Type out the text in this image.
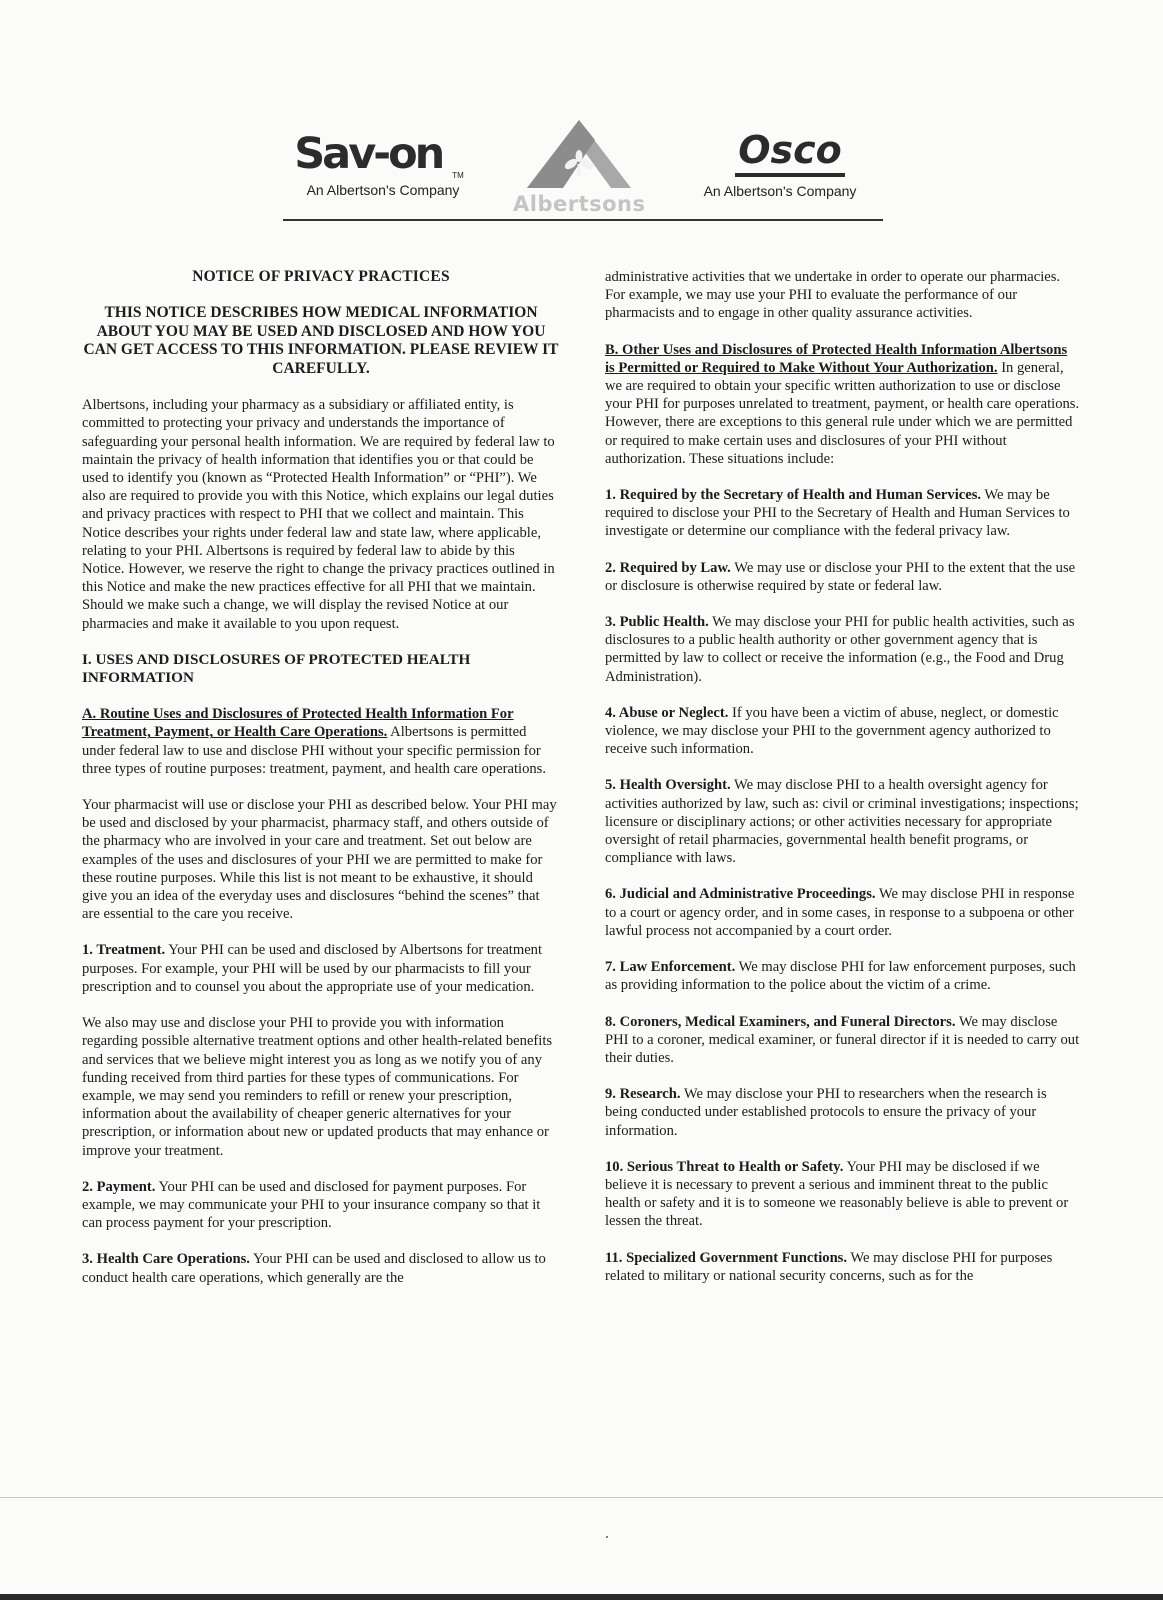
Sav-on TM
An Albertson's Company
Albertsons
Osco
An Albertson's Company

NOTICE OF PRIVACY PRACTICES

THIS NOTICE DESCRIBES HOW MEDICAL INFORMATION ABOUT YOU MAY BE USED AND DISCLOSED AND HOW YOU CAN GET ACCESS TO THIS INFORMATION. PLEASE REVIEW IT CAREFULLY.

Albertsons, including your pharmacy as a subsidiary or affiliated entity, is committed to protecting your privacy and understands the importance of safeguarding your personal health information. We are required by federal law to maintain the privacy of health information that identifies you or that could be used to identify you (known as “Protected Health Information” or “PHI”). We also are required to provide you with this Notice, which explains our legal duties and privacy practices with respect to PHI that we collect and maintain. This Notice describes your rights under federal law and state law, where applicable, relating to your PHI. Albertsons is required by federal law to abide by this Notice. However, we reserve the right to change the privacy practices outlined in this Notice and make the new practices effective for all PHI that we maintain. Should we make such a change, we will display the revised Notice at our pharmacies and make it available to you upon request.

I. USES AND DISCLOSURES OF PROTECTED HEALTH INFORMATION

A. Routine Uses and Disclosures of Protected Health Information For Treatment, Payment, or Health Care Operations. Albertsons is permitted under federal law to use and disclose PHI without your specific permission for three types of routine purposes: treatment, payment, and health care operations.

Your pharmacist will use or disclose your PHI as described below. Your PHI may be used and disclosed by your pharmacist, pharmacy staff, and others outside of the pharmacy who are involved in your care and treatment. Set out below are examples of the uses and disclosures of your PHI we are permitted to make for these routine purposes. While this list is not meant to be exhaustive, it should give you an idea of the everyday uses and disclosures “behind the scenes” that are essential to the care you receive.

1. Treatment. Your PHI can be used and disclosed by Albertsons for treatment purposes. For example, your PHI will be used by our pharmacists to fill your prescription and to counsel you about the appropriate use of your medication.

We also may use and disclose your PHI to provide you with information regarding possible alternative treatment options and other health-related benefits and services that we believe might interest you as long as we notify you of any funding received from third parties for these types of communications. For example, we may send you reminders to refill or renew your prescription, information about the availability of cheaper generic alternatives for your prescription, or information about new or updated products that may enhance or improve your treatment.

2. Payment. Your PHI can be used and disclosed for payment purposes. For example, we may communicate your PHI to your insurance company so that it can process payment for your prescription.

3. Health Care Operations. Your PHI can be used and disclosed to allow us to conduct health care operations, which generally are the

administrative activities that we undertake in order to operate our pharmacies. For example, we may use your PHI to evaluate the performance of our pharmacists and to engage in other quality assurance activities.

B. Other Uses and Disclosures of Protected Health Information Albertsons is Permitted or Required to Make Without Your Authorization. In general, we are required to obtain your specific written authorization to use or disclose your PHI for purposes unrelated to treatment, payment, or health care operations. However, there are exceptions to this general rule under which we are permitted or required to make certain uses and disclosures of your PHI without authorization. These situations include:

1. Required by the Secretary of Health and Human Services. We may be required to disclose your PHI to the Secretary of Health and Human Services to investigate or determine our compliance with the federal privacy law.

2. Required by Law. We may use or disclose your PHI to the extent that the use or disclosure is otherwise required by state or federal law.

3. Public Health. We may disclose your PHI for public health activities, such as disclosures to a public health authority or other government agency that is permitted by law to collect or receive the information (e.g., the Food and Drug Administration).

4. Abuse or Neglect. If you have been a victim of abuse, neglect, or domestic violence, we may disclose your PHI to the government agency authorized to receive such information.

5. Health Oversight. We may disclose PHI to a health oversight agency for activities authorized by law, such as: civil or criminal investigations; inspections; licensure or disciplinary actions; or other activities necessary for appropriate oversight of retail pharmacies, governmental health benefit programs, or compliance with laws.

6. Judicial and Administrative Proceedings. We may disclose PHI in response to a court or agency order, and in some cases, in response to a subpoena or other lawful process not accompanied by a court order.

7. Law Enforcement. We may disclose PHI for law enforcement purposes, such as providing information to the police about the victim of a crime.

8. Coroners, Medical Examiners, and Funeral Directors. We may disclose PHI to a coroner, medical examiner, or funeral director if it is needed to carry out their duties.

9. Research. We may disclose your PHI to researchers when the research is being conducted under established protocols to ensure the privacy of your information.

10. Serious Threat to Health or Safety. Your PHI may be disclosed if we believe it is necessary to prevent a serious and imminent threat to the public health or safety and it is to someone we reasonably believe is able to prevent or lessen the threat.

11. Specialized Government Functions. We may disclose PHI for purposes related to military or national security concerns, such as for the
